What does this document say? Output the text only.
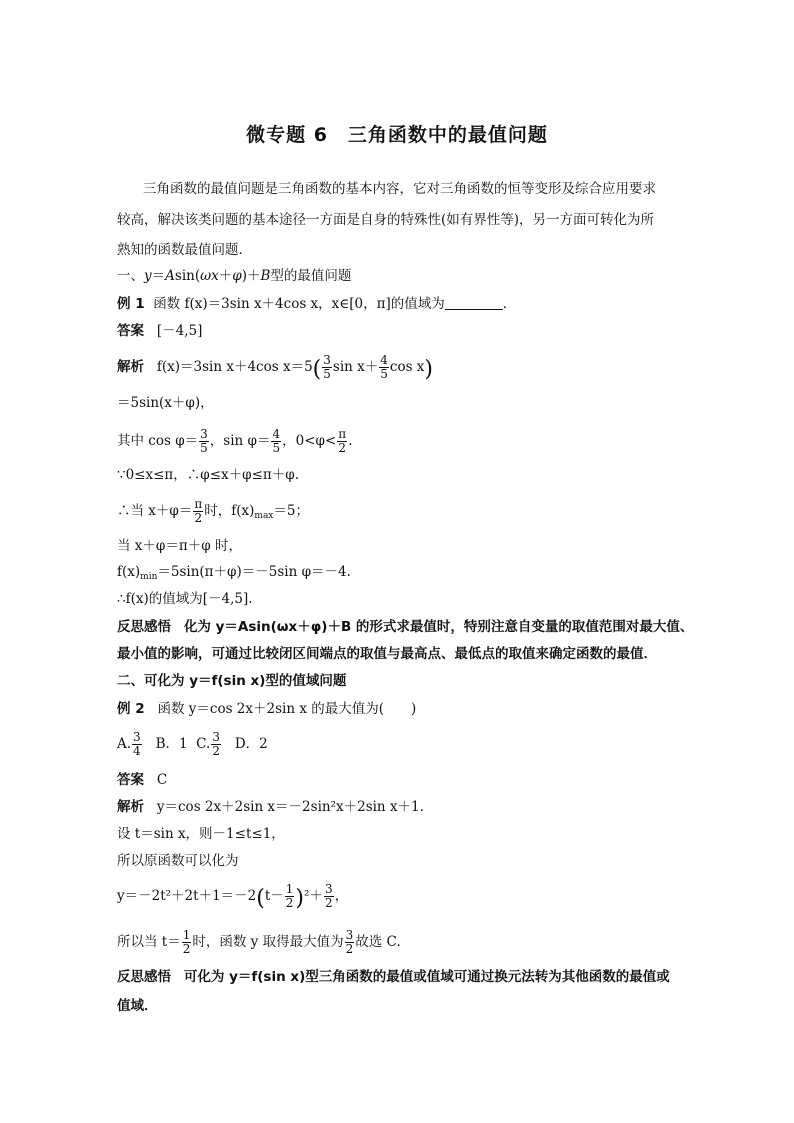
微专题 6　三角函数中的最值问题
三角函数的最值问题是三角函数的基本内容，它对三角函数的恒等变形及综合应用要求
较高，解决该类问题的基本途径一方面是自身的特殊性(如有界性等)，另一方面可转化为所
熟知的函数最值问题．
一、y＝Asin(ωx＋φ)＋B型的最值问题
例 1 函数 f(x)＝3sin x＋4cos x，x∈[0，π]的值域为	．
答案 [－4,5]
解析 f(x)＝3sin x＋4cos $x=5( \frac{3}{5}$ $\sin x+ \frac{4}{5}$ cos x)
＝5sin(x＋φ)，
其中 $\cos \varphi= \frac{3}{5}$ ，$\sin \varphi= \frac{4}{5}$ ，$0<\varphi< \frac{\pi}{2}$ .
∵0≤x≤π，∴φ≤x＋φ≤π＋φ.
∴当 $x+\varphi= \frac{\pi}{2}$ 时，$f(x)_{max}=5$；
当 x＋φ＝π＋φ 时，
$f(x)_{min}=5\sin(\pi+\varphi)=-5\sin$ φ＝－4.
∴f(x)的值域为[－4,5].
反思感悟 化为 y＝Asin(ωx＋φ)＋B 的形式求最值时，特别注意自变量的取值范围对最大值、
最小值的影响，可通过比较闭区间端点的取值与最高点、最低点的取值来确定函数的最值．
二、可化为 y＝f(sin x)型的值域问题
例 2 函数 y＝cos 2x＋2sin x 的最大值为(　　)
A. $\frac{3}{4}$ B．1 C. $\frac{3}{2}$ D．2
答案 C
解析 y＝cos 2x＋2sin x＝－2sin²x＋2sin x＋1.
设 t＝sin x，则－1≤t≤1，
所以原函数可以化为
$y=-2t^2+2t+1=-2(t- \frac{1}{2} )^2+ \frac{3}{2}$ ，
所以当 $t= \frac{1}{2}$ 时，函数 y 取得最大值为 $\frac{3}{2}$ 故选 C.
反思感悟 可化为 y＝f(sin x)型三角函数的最值或值域可通过换元法转为其他函数的最值或
值域．
